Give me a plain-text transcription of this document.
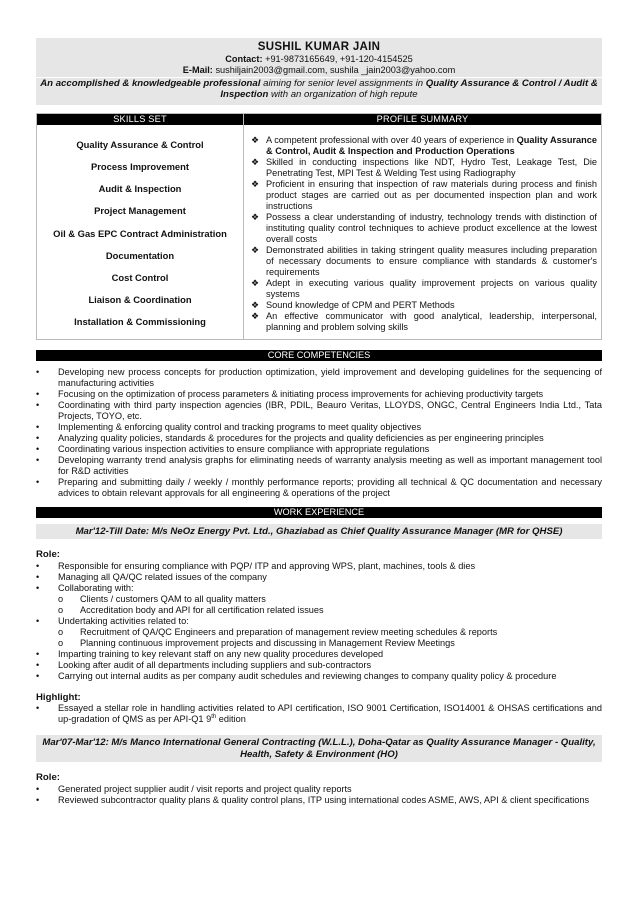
SUSHIL KUMAR JAIN
Contact: +91-9873165649, +91-120-4154525
E-Mail: sushiljain2003@gmail.com, sushila _jain2003@yahoo.com
An accomplished & knowledgeable professional aiming for senior level assignments in Quality Assurance & Control / Audit & Inspection with an organization of high repute
SKILLS SET
Quality Assurance & Control
Process Improvement
Audit & Inspection
Project Management
Oil & Gas EPC Contract Administration
Documentation
Cost Control
Liaison & Coordination
Installation & Commissioning
PROFILE SUMMARY
❖ A competent professional with over 40 years of experience in Quality Assurance & Control, Audit & Inspection and Production Operations
❖ Skilled in conducting inspections like NDT, Hydro Test, Leakage Test, Die Penetrating Test, MPI Test & Welding Test using Radiography
❖ Proficient in ensuring that inspection of raw materials during process and finish product stages are carried out as per documented inspection plan and work instructions
❖ Possess a clear understanding of industry, technology trends with distinction of instituting quality control techniques to achieve product excellence at the lowest overall costs
❖ Demonstrated abilities in taking stringent quality measures including preparation of necessary documents to ensure compliance with standards & customer's requirements
❖ Adept in executing various quality improvement projects on various quality systems
❖ Sound knowledge of CPM and PERT Methods
❖ An effective communicator with good analytical, leadership, interpersonal, planning and problem solving skills
CORE COMPETENCIES
•	Developing new process concepts for production optimization, yield improvement and developing guidelines for the sequencing of manufacturing activities
•	Focusing on the optimization of process parameters & initiating process improvements for achieving productivity targets
•	Coordinating with third party inspection agencies (IBR, PDIL, Beauro Veritas, LLOYDS, ONGC, Central Engineers India Ltd., Tata Projects, TOYO, etc.
•	Implementing & enforcing quality control and tracking programs to meet quality objectives
•	Analyzing quality policies, standards & procedures for the projects and quality deficiencies as per engineering principles
•	Coordinating various inspection activities to ensure compliance with appropriate regulations
•	Developing warranty trend analysis graphs for eliminating needs of warranty analysis meeting as well as important management tool for R&D activities
•	Preparing and submitting daily / weekly / monthly performance reports; providing all technical & QC documentation and necessary advices to obtain relevant approvals for all engineering & operations of the project
WORK EXPERIENCE
Mar'12-Till Date: M/s NeOz Energy Pvt. Ltd., Ghaziabad as Chief Quality Assurance Manager (MR for QHSE)
Role:
•	Responsible for ensuring compliance with PQP/ ITP and approving WPS, plant, machines, tools & dies
•	Managing all QA/QC related issues of the company
•	Collaborating with:
o	Clients / customers QAM to all quality matters
o	Accreditation body and API for all certification related issues
•	Undertaking activities related to:
o	Recruitment of QA/QC Engineers and preparation of management review meeting schedules & reports
o	Planning continuous improvement projects and discussing in Management Review Meetings
•	Imparting training to key relevant staff on any new quality procedures developed
•	Looking after audit of all departments including suppliers and sub-contractors
•	Carrying out internal audits as per company audit schedules and reviewing changes to company quality policy & procedure
Highlight:
•	Essayed a stellar role in handling activities related to API certification, ISO 9001 Certification, ISO14001 & OHSAS certifications and up-gradation of QMS as per API-Q1 9th edition
Mar'07-Mar'12: M/s Manco International General Contracting (W.L.L.), Doha-Qatar as Quality Assurance Manager - Quality, Health, Safety & Environment (HO)
Role:
•	Generated project supplier audit / visit reports and project quality reports
•	Reviewed subcontractor quality plans & quality control plans, ITP using international codes ASME, AWS, API & client specifications
